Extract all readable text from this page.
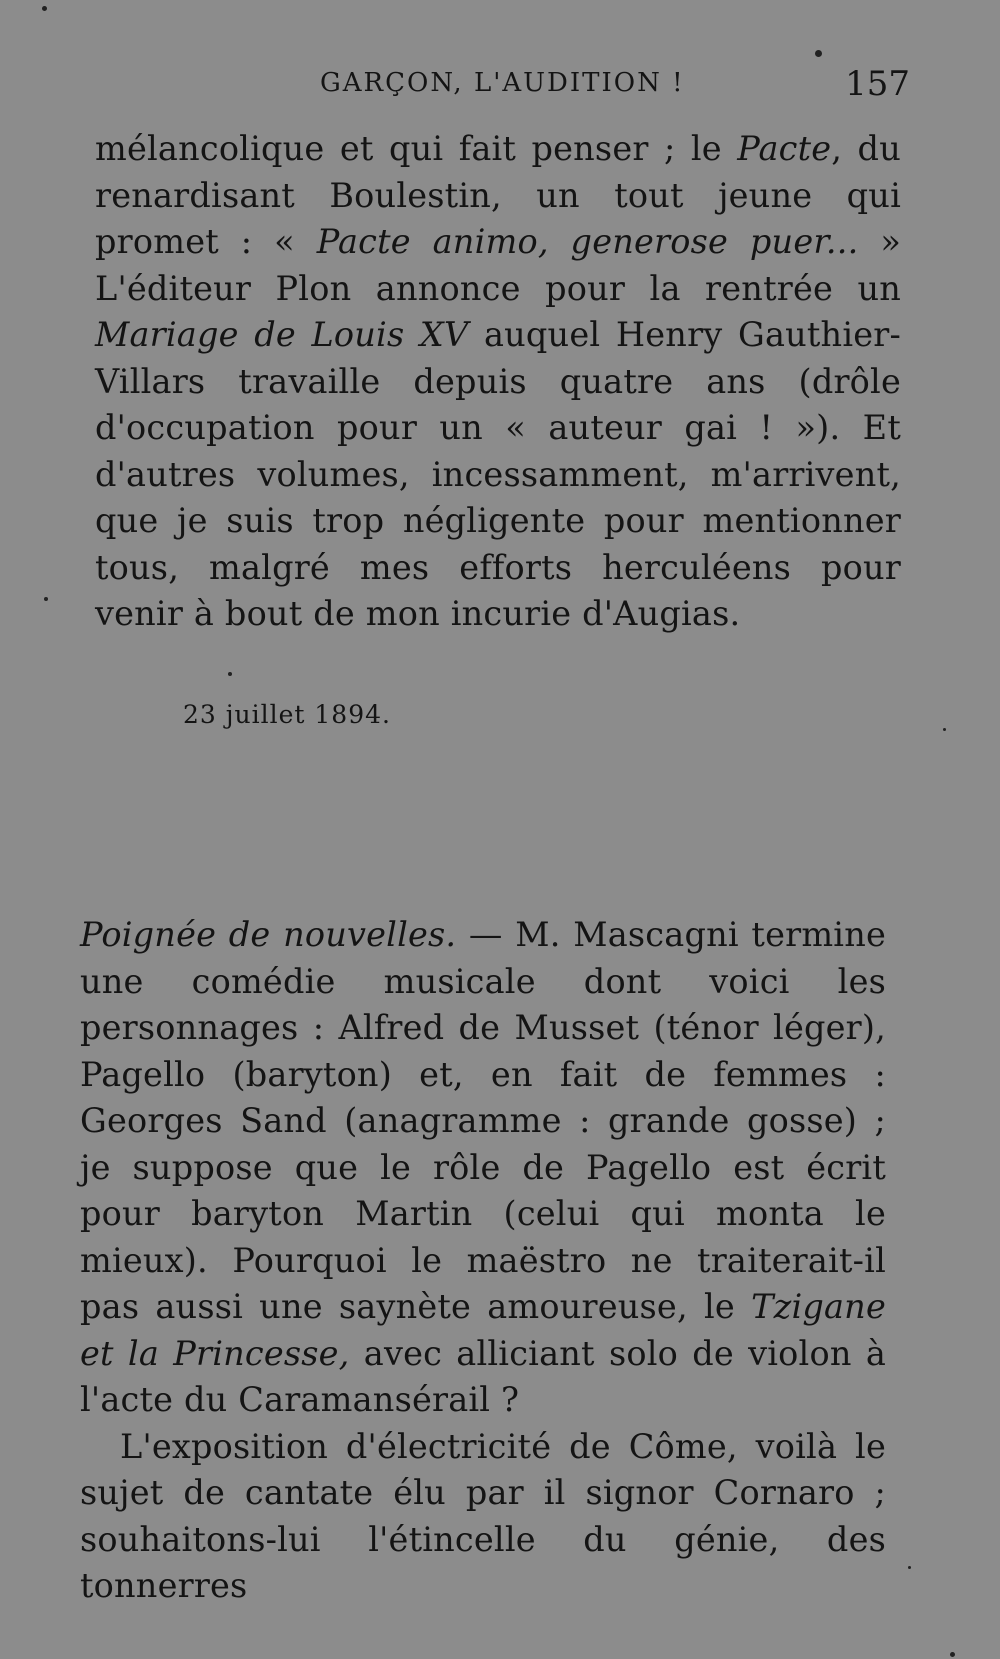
GARÇON, L'AUDITION !	157

mélancolique et qui fait penser ; le Pacte, du renardisant Boulestin, un tout jeune qui promet : « Pacte animo, generose puer... » L'éditeur Plon annonce pour la rentrée un Mariage de Louis XV auquel Henry Gauthier-Villars travaille depuis quatre ans (drôle d'occupation pour un « auteur gai ! »). Et d'autres volumes, incessamment, m'arrivent, que je suis trop négligente pour mentionner tous, malgré mes efforts herculéens pour venir à bout de mon incurie d'Augias.

23 juillet 1894.

Poignée de nouvelles. — M. Mascagni termine une comédie musicale dont voici les personnages : Alfred de Musset (ténor léger), Pagello (baryton) et, en fait de femmes : Georges Sand (anagramme : grande gosse) ; je suppose que le rôle de Pagello est écrit pour baryton Martin (celui qui monta le mieux). Pourquoi le maëstro ne traiterait-il pas aussi une saynète amoureuse, le Tzigane et la Princesse, avec alliciant solo de violon à l'acte du Caramansérail ?

L'exposition d'électricité de Côme, voilà le sujet de cantate élu par il signor Cornaro ; souhaitons-lui l'étincelle du génie, des tonnerres
